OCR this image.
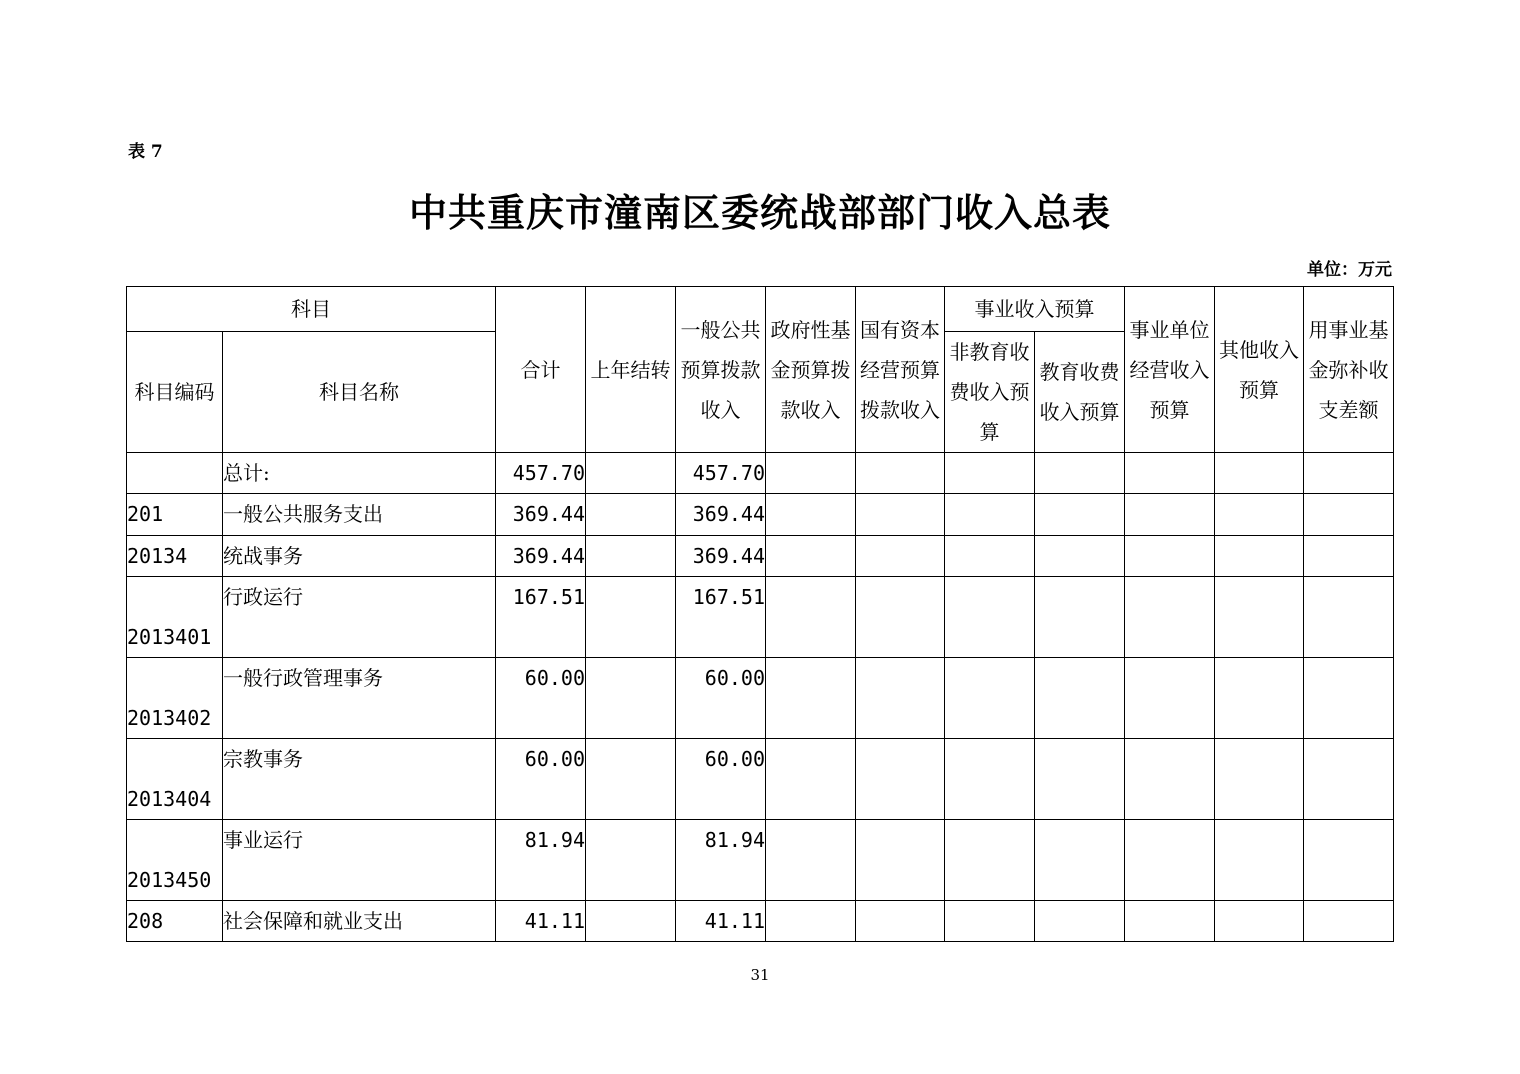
表 7
中共重庆市潼南区委统战部部门收入总表
单位：万元
科目		合计	上年结转	一般公共预算拨款收入	政府性基金预算拨款收入	国有资本经营预算拨款收入	事业收入预算		事业单位经营收入预算	其他收入预算	用事业基金弥补收支差额
科目编码	科目名称						非教育收费收入预算	教育收费收入预算			
	总计:	457.70		457.70							
201	一般公共服务支出	369.44		369.44							
20134	统战事务	369.44		369.44							

2013401	行政运行	167.51		167.51							

2013402	一般行政管理事务	60.00		60.00							

2013404	宗教事务	60.00		60.00							

2013450	事业运行	81.94		81.94							
208	社会保障和就业支出	41.11		41.11							
31
